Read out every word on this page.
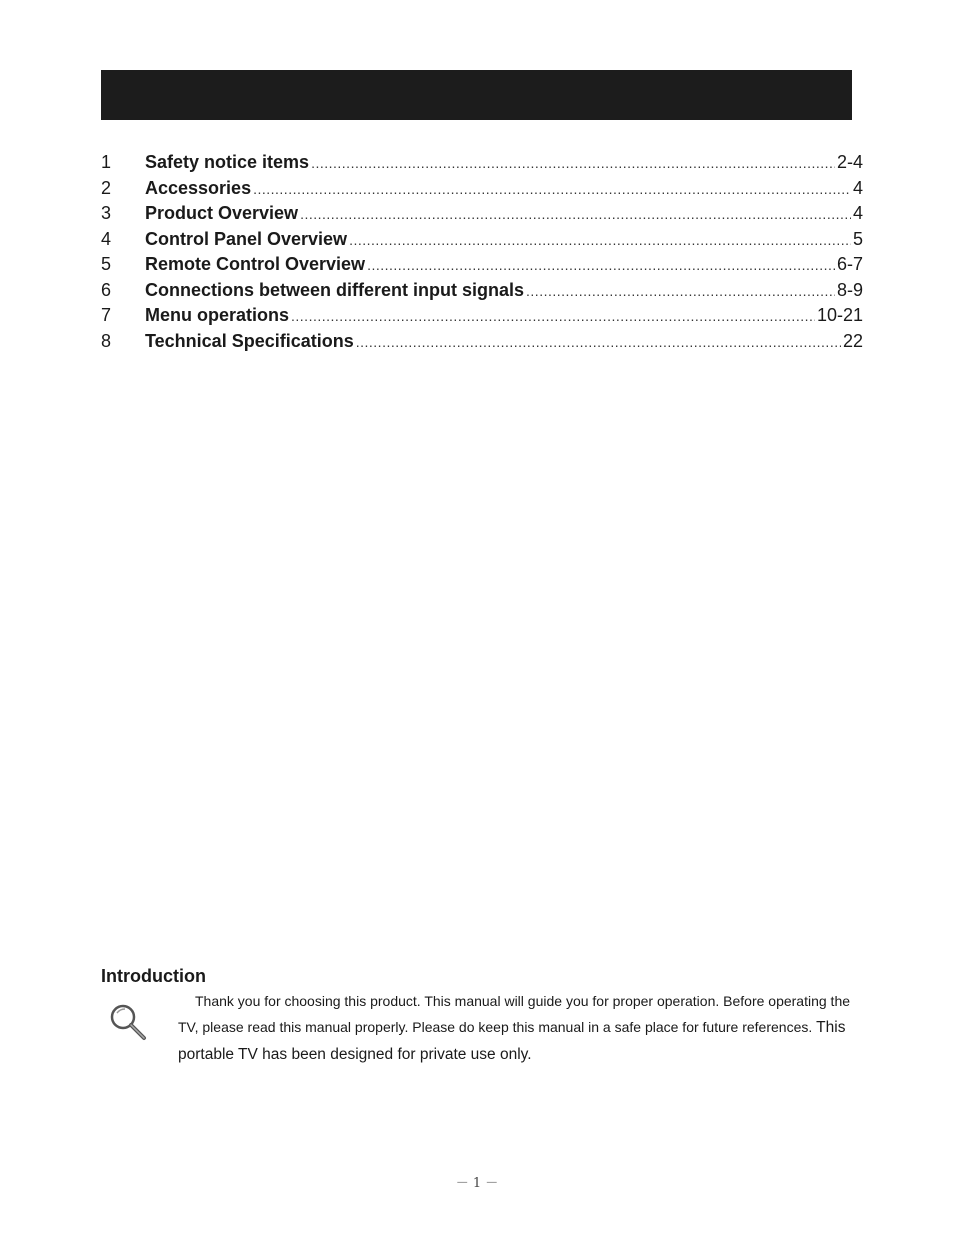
1	Safety notice items .....	2-4
2	Accessories .....	4
3	Product Overview .....	4
4	Control Panel Overview .....	5
5	Remote Control Overview .....	6-7
6	Connections between different input signals .....	8-9
7	Menu operations .....	10-21
8	Technical Specifications .....	22
Introduction

Thank you for choosing this product. This manual will guide you for proper operation. Before operating the TV, please read this manual properly. Please do keep this manual in a safe place for future references. This portable TV has been designed for private use only.

－ 1 －
